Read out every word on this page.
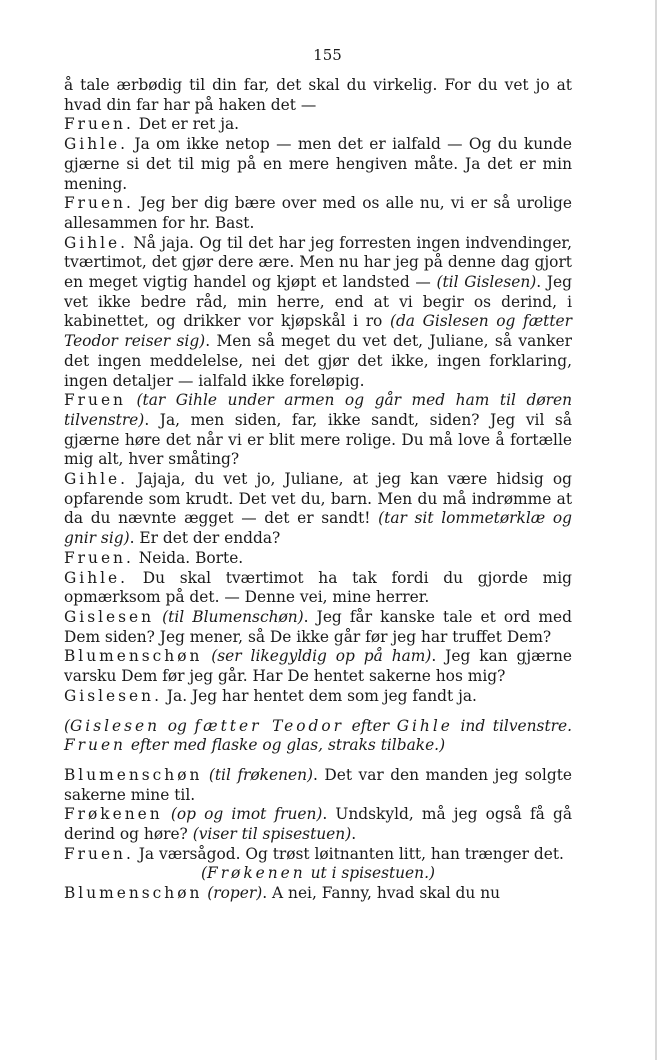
155

å tale ærbødig til din far, det skal du virkelig. For du vet jo at hvad din far har på haken det —

Fruen. Det er ret ja.

Gihle. Ja om ikke netop — men det er ialfald — Og du kunde gjærne si det til mig på en mere hengiven måte. Ja det er min mening.

Fruen. Jeg ber dig bære over med os alle nu, vi er så urolige allesammen for hr. Bast.

Gihle. Nå jaja. Og til det har jeg forresten ingen indvendinger, tværtimot, det gjør dere ære. Men nu har jeg på denne dag gjort en meget vigtig handel og kjøpt et landsted — (til Gislesen). Jeg vet ikke bedre råd, min herre, end at vi begir os derind, i kabinettet, og drikker vor kjøpskål i ro (da Gislesen og fætter Teodor reiser sig). Men så meget du vet det, Juliane, så vanker det ingen meddelelse, nei det gjør det ikke, ingen forklaring, ingen detaljer — ialfald ikke foreløpig.

Fruen (tar Gihle under armen og går med ham til døren tilvenstre). Ja, men siden, far, ikke sandt, siden? Jeg vil så gjærne høre det når vi er blit mere rolige. Du må love å fortælle mig alt, hver småting?

Gihle. Jajaja, du vet jo, Juliane, at jeg kan være hidsig og opfarende som krudt. Det vet du, barn. Men du må indrømme at da du nævnte ægget — det er sandt! (tar sit lommetørklæ og gnir sig). Er det der endda?

Fruen. Neida. Borte.

Gihle. Du skal tværtimot ha tak fordi du gjorde mig opmærksom på det. — Denne vei, mine herrer.

Gislesen (til Blumenschøn). Jeg får kanske tale et ord med Dem siden? Jeg mener, så De ikke går før jeg har truffet Dem?

Blumenschøn (ser likegyldig op på ham). Jeg kan gjærne varsku Dem før jeg går. Har De hentet sakerne hos mig?

Gislesen. Ja. Jeg har hentet dem som jeg fandt ja.

(Gislesen og fætter Teodor efter Gihle ind tilvenstre. Fruen efter med flaske og glas, straks tilbake.)

Blumenschøn (til frøkenen). Det var den manden jeg solgte sakerne mine til.

Frøkenen (op og imot fruen). Undskyld, må jeg også få gå derind og høre? (viser til spisestuen).

Fruen. Ja værsågod. Og trøst løitnanten litt, han trænger det.

(Frøkenen ut i spisestuen.)

Blumenschøn (roper). A nei, Fanny, hvad skal du nu
